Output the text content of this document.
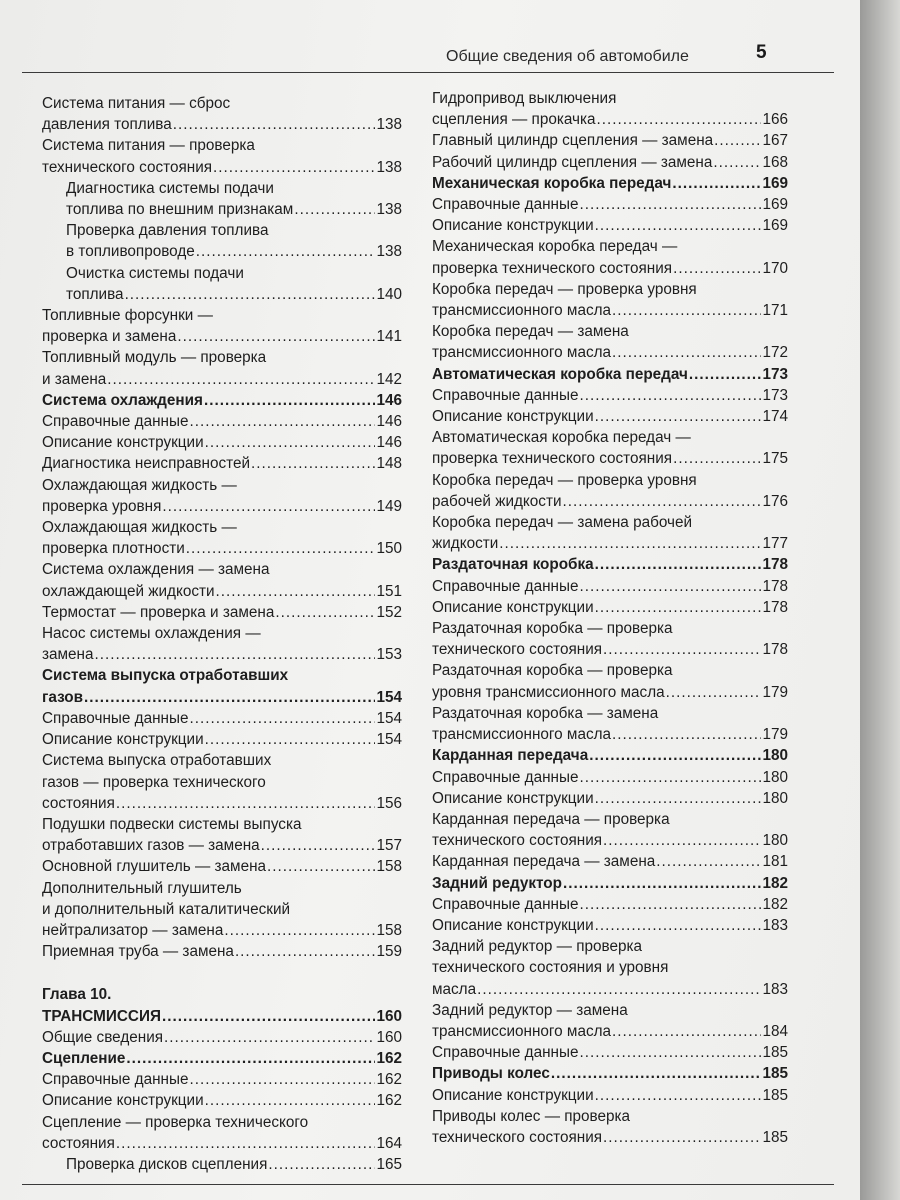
Общие сведения об автомобиле	5
Система питания — сброс
давления топлива .....	138
Система питания — проверка
технического состояния .....	138
Диагностика системы подачи
топлива по внешним признакам .....	138
Проверка давления топлива
в топливопроводе .....	138
Очистка системы подачи
топлива .....	140
Топливные форсунки —
проверка и замена .....	141
Топливный модуль — проверка
и замена .....	142
Система охлаждения .....	146
Справочные данные .....	146
Описание конструкции .....	146
Диагностика неисправностей .....	148
Охлаждающая жидкость —
проверка уровня .....	149
Охлаждающая жидкость —
проверка плотности .....	150
Система охлаждения — замена
охлаждающей жидкости .....	151
Термостат — проверка и замена .....	152
Насос системы охлаждения —
замена .....	153
Система выпуска отработавших
газов .....	154
Справочные данные .....	154
Описание конструкции .....	154
Система выпуска отработавших
газов — проверка технического
состояния .....	156
Подушки подвески системы выпуска
отработавших газов — замена .....	157
Основной глушитель — замена .....	158
Дополнительный глушитель
и дополнительный каталитический
нейтрализатор — замена .....	158
Приемная труба — замена .....	159
Глава 10.
ТРАНСМИССИЯ .....	160
Общие сведения .....	160
Сцепление .....	162
Справочные данные .....	162
Описание конструкции .....	162
Сцепление — проверка технического
состояния .....	164
Проверка дисков сцепления .....	165
Гидропривод выключения
сцепления — прокачка .....	166
Главный цилиндр сцепления — замена .....	167
Рабочий цилиндр сцепления — замена .....	168
Механическая коробка передач .....	169
Справочные данные .....	169
Описание конструкции .....	169
Механическая коробка передач —
проверка технического состояния .....	170
Коробка передач — проверка уровня
трансмиссионного масла .....	171
Коробка передач — замена
трансмиссионного масла .....	172
Автоматическая коробка передач .....	173
Справочные данные .....	173
Описание конструкции .....	174
Автоматическая коробка передач —
проверка технического состояния .....	175
Коробка передач — проверка уровня
рабочей жидкости .....	176
Коробка передач — замена рабочей
жидкости .....	177
Раздаточная коробка .....	178
Справочные данные .....	178
Описание конструкции .....	178
Раздаточная коробка — проверка
технического состояния .....	178
Раздаточная коробка — проверка
уровня трансмиссионного масла .....	179
Раздаточная коробка — замена
трансмиссионного масла .....	179
Карданная передача .....	180
Справочные данные .....	180
Описание конструкции .....	180
Карданная передача — проверка
технического состояния .....	180
Карданная передача — замена .....	181
Задний редуктор .....	182
Справочные данные .....	182
Описание конструкции .....	183
Задний редуктор — проверка
технического состояния и уровня
масла .....	183
Задний редуктор — замена
трансмиссионного масла .....	184
Справочные данные .....	185
Приводы колес .....	185
Описание конструкции .....	185
Приводы колес — проверка
технического состояния .....	185
